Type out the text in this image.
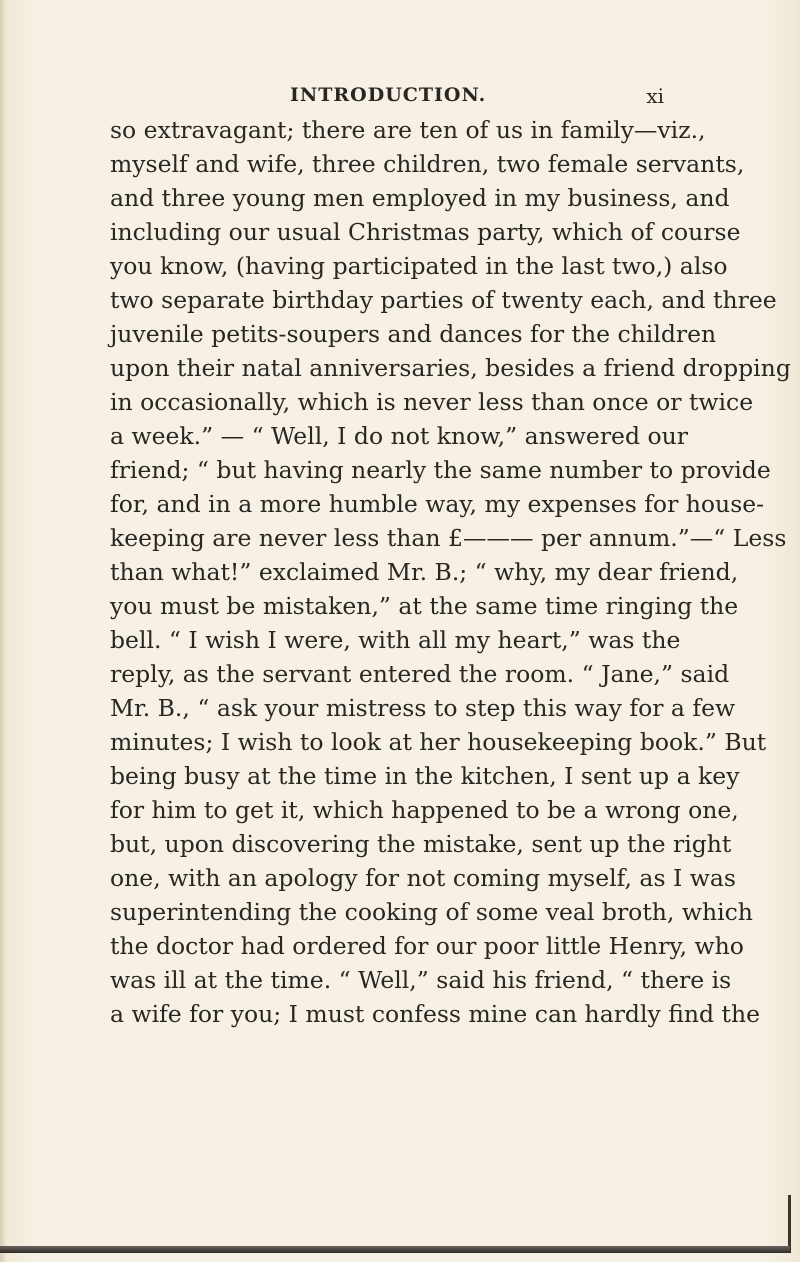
INTRODUCTION.	xi
so extravagant; there are ten of us in family—viz.,
myself and wife, three children, two female servants,
and three young men employed in my business, and
including our usual Christmas party, which of course
you know, (having participated in the last two,) also
two separate birthday parties of twenty each, and three
juvenile petits-soupers and dances for the children
upon their natal anniversaries, besides a friend dropping
in occasionally, which is never less than once or twice
a week.” — “ Well, I do not know,” answered our
friend; “ but having nearly the same number to provide
for, and in a more humble way, my expenses for house-
keeping are never less than £——— per annum.”—“ Less
than what!” exclaimed Mr. B.; “ why, my dear friend,
you must be mistaken,” at the same time ringing the
bell. “ I wish I were, with all my heart,” was the
reply, as the servant entered the room. “ Jane,” said
Mr. B., “ ask your mistress to step this way for a few
minutes; I wish to look at her housekeeping book.” But
being busy at the time in the kitchen, I sent up a key
for him to get it, which happened to be a wrong one,
but, upon discovering the mistake, sent up the right
one, with an apology for not coming myself, as I was
superintending the cooking of some veal broth, which
the doctor had ordered for our poor little Henry, who
was ill at the time. “ Well,” said his friend, “ there is
a wife for you; I must confess mine can hardly find the
